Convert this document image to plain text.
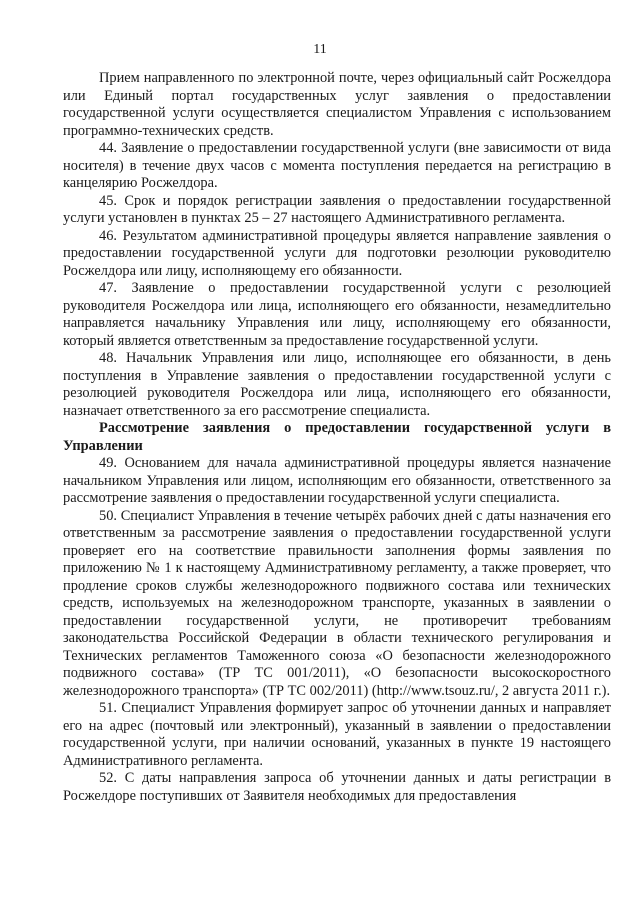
11

Прием направленного по электронной почте, через официальный сайт Росжелдора или Единый портал государственных услуг заявления о предоставлении государственной услуги осуществляется специалистом Управления с использованием программно-технических средств.

44. Заявление о предоставлении государственной услуги (вне зависимости от вида носителя) в течение двух часов с момента поступления передается на регистрацию в канцелярию Росжелдора.

45. Срок и порядок регистрации заявления о предоставлении государственной услуги установлен в пунктах 25 – 27 настоящего Административного регламента.

46. Результатом административной процедуры является направление заявления о предоставлении государственной услуги для подготовки резолюции руководителю Росжелдора или лицу, исполняющему его обязанности.

47. Заявление о предоставлении государственной услуги с резолюцией руководителя Росжелдора или лица, исполняющего его обязанности, незамедлительно направляется начальнику Управления или лицу, исполняющему его обязанности, который является ответственным за предоставление государственной услуги.

48. Начальник Управления или лицо, исполняющее его обязанности, в день поступления в Управление заявления о предоставлении государственной услуги с резолюцией руководителя Росжелдора или лица, исполняющего его обязанности, назначает ответственного за его рассмотрение специалиста.

Рассмотрение заявления о предоставлении государственной услуги в Управлении

49. Основанием для начала административной процедуры является назначение начальником Управления или лицом, исполняющим его обязанности, ответственного за рассмотрение заявления о предоставлении государственной услуги специалиста.

50. Специалист Управления в течение четырёх рабочих дней с даты назначения его ответственным за рассмотрение заявления о предоставлении государственной услуги проверяет его на соответствие правильности заполнения формы заявления по приложению № 1 к настоящему Административному регламенту, а также проверяет, что продление сроков службы железнодорожного подвижного состава или технических средств, используемых на железнодорожном транспорте, указанных в заявлении о предоставлении государственной услуги, не противоречит требованиям законодательства Российской Федерации в области технического регулирования и Технических регламентов Таможенного союза «О безопасности железнодорожного подвижного состава» (ТР ТС 001/2011), «О безопасности высокоскоростного железнодорожного транспорта» (ТР ТС 002/2011) (http://www.tsouz.ru/, 2 августа 2011 г.).

51. Специалист Управления формирует запрос об уточнении данных и направляет его на адрес (почтовый или электронный), указанный в заявлении о предоставлении государственной услуги, при наличии оснований, указанных в пункте 19 настоящего Административного регламента.

52. С даты направления запроса об уточнении данных и даты регистрации в Росжелдоре поступивших от Заявителя необходимых для предоставления
